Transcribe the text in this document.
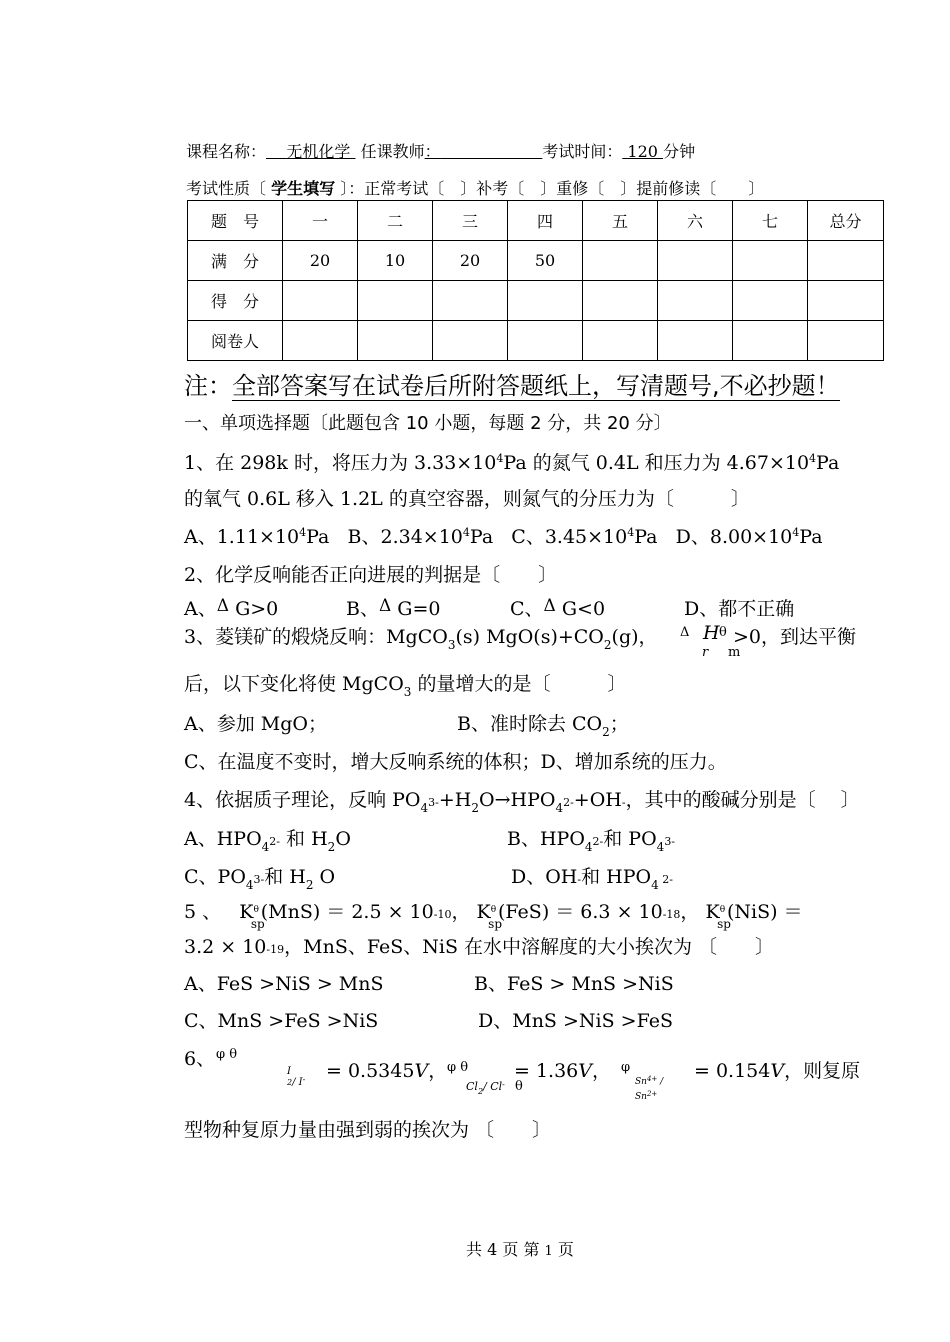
课程名称： 无机化学 任课教师：	考试时间： 120 分钟
考试性质〔 学生填写 〕：正常考试〔　〕补考〔　〕重修〔　〕提前修读〔　　〕
题　号	一	二	三	四	五	六	七	总分
满　分	20	10	20	50				
得　分								
阅卷人								
注：全部答案写在试卷后所附答题纸上，写清题号,不必抄题！
一、单项选择题〔此题包含 10 小题，每题 2 分，共 20 分〕
1、在 298k 时，将压力为 $3.33\times 10^4Pa$ 的氮气 0.4L 和压力为 $4.67\times 10^4Pa$
的氧气 0.6L 移入 1.2L 的真空容器，则氮气的分压力为〔　　　〕
A、$1.11\times 10^4Pa$ B、$2.34\times 10^4Pa$ C、$3.45\times 10^4Pa$ D、$8.00\times 10^4Pa$
2、化学反响能否正向进展的判据是〔　　〕
A、Δ G>0	B、Δ G=0	C、Δ G<0	D、都不正确
3、菱镁矿的煅烧反响：MgCO$_3$(s) $MgO(s)+CO_2(g)$， Δ H θ
r m
>0，到达平衡
后，以下变化将使 MgCO$_3$ 的量增大的是〔　　　〕
A、参加 MgO；	B、准时除去 $CO_2$；
C、在温度不变时，增大反响系统的体积；D、增加系统的压力。
4、依据质子理论，反响 $PO_43-+H_2O\to HPO_42-+OH-$，其中的酸碱分别是〔　 〕
A、$HPO_42-$ 和 $H_2O$	B、$HPO_42-$和 $PO_43-$
C、$PO_43-$和 $H_2$ O	D、OH-和 $HPO_4$ 2-
5 、 $K^\theta_{sp}(MnS) = 2.5 \times 10-10$， $K^\theta_{sp}(FeS) = 6.3 \times 10-18$， $K^\theta_{sp}(NiS)$ ＝
3.2 × 10-19，MnS、FeS、NiS 在水中溶解度的大小挨次为 〔　　〕
A、FeS >NiS > MnS	B、FeS > MnS >NiS
C、MnS >FeS >NiS	D、MnS >NiS >FeS
6、 φ θ
I
2/ I- = 0.5345V， φ θ
$Cl_2/$ Cl- θ
= 1.36V， φ
$Sn^{4+}$ /
$Sn^{2+}$
= 0.154V，则复原
型物种复原力量由强到弱的挨次为 〔　　〕
共 4 页 第 1 页
